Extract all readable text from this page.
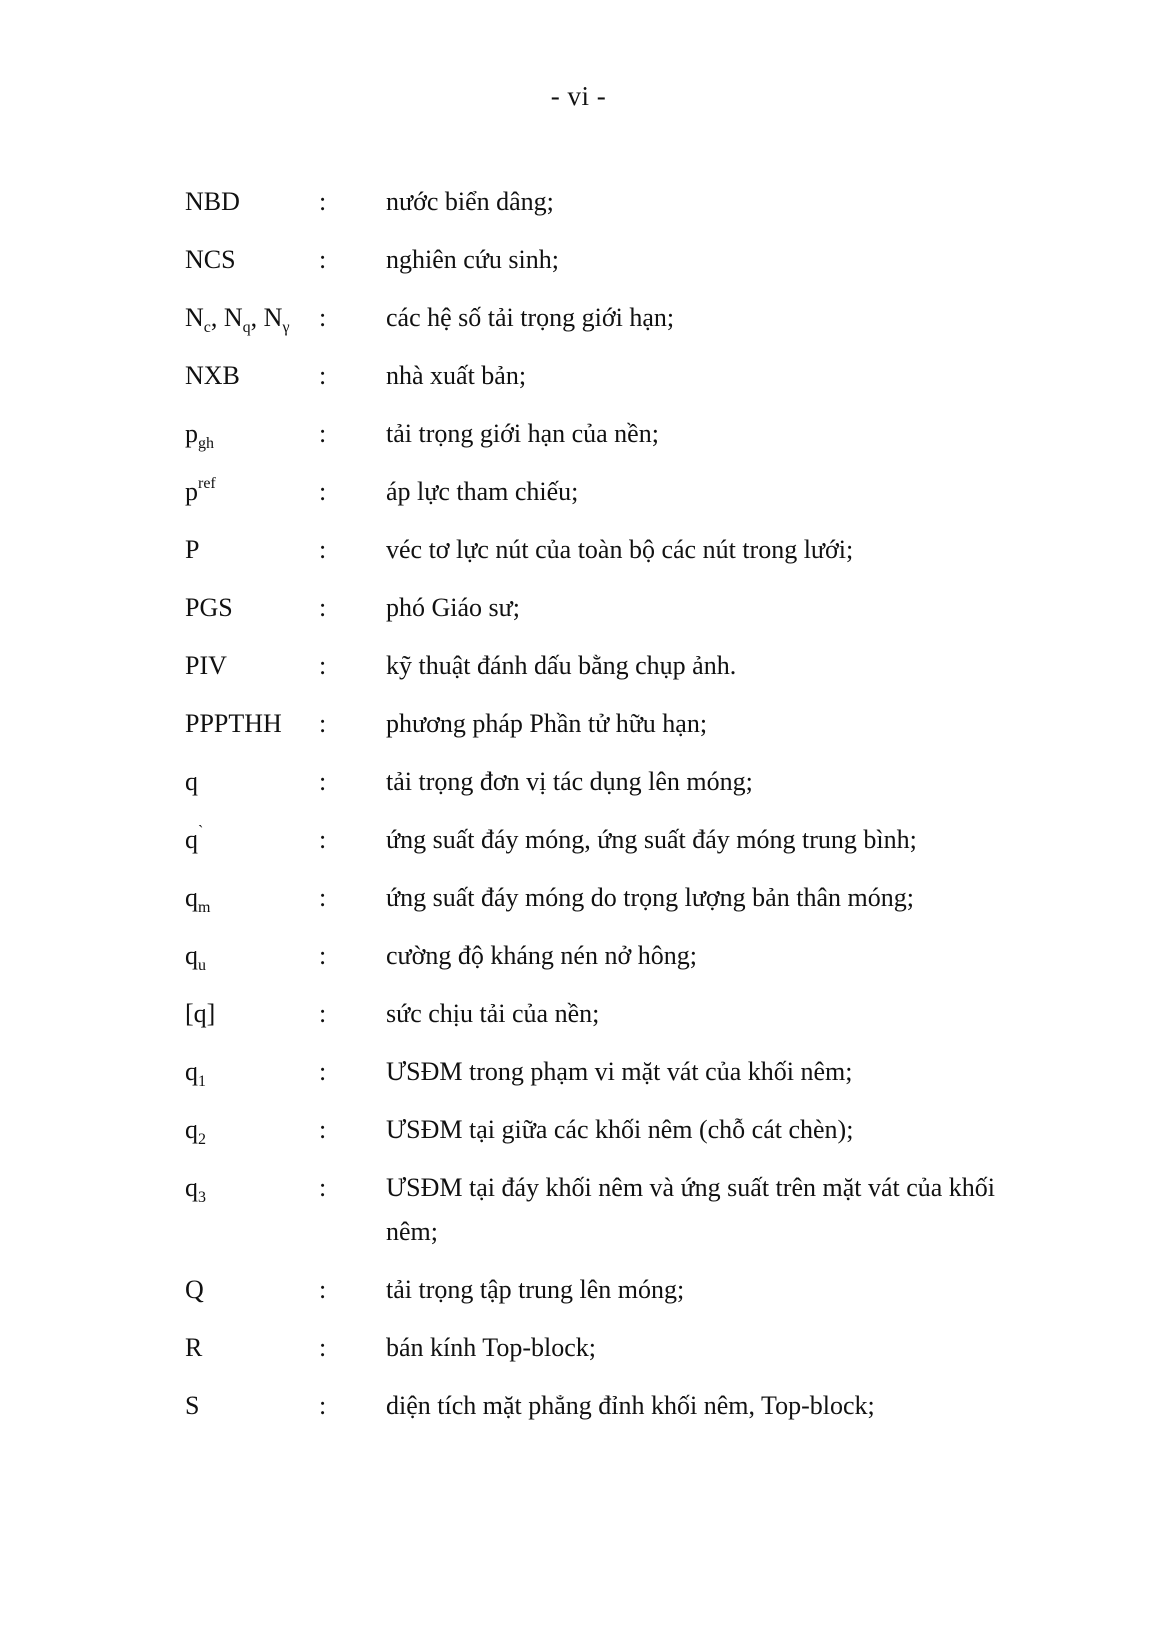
- vi -
NBD	: nước biển dâng;
NCS	: nghiên cứu sinh;
$N_c$, $N_q$, $N_\gamma$	: các hệ số tải trọng giới hạn;
NXB	: nhà xuất bản;
$p_{gh}$	: tải trọng giới hạn của nền;
$p^{ref}$	: áp lực tham chiếu;
P	: véc tơ lực nút của toàn bộ các nút trong lưới;
PGS	: phó Giáo sư;
PIV	: kỹ thuật đánh dấu bằng chụp ảnh.
PPPTHH	: phương pháp Phần tử hữu hạn;
q	: tải trọng đơn vị tác dụng lên móng;
q`	: ứng suất đáy móng, ứng suất đáy móng trung bình;
$q_m$	: ứng suất đáy móng do trọng lượng bản thân móng;
$q_u$	: cường độ kháng nén nở hông;
[q]	: sức chịu tải của nền;
$q_1$	: ƯSĐM trong phạm vi mặt vát của khối nêm;
$q_2$	: ƯSĐM tại giữa các khối nêm (chỗ cát chèn);
$q_3$	: ƯSĐM tại đáy khối nêm và ứng suất trên mặt vát của khối nêm;
Q	: tải trọng tập trung lên móng;
R	: bán kính Top-block;
S	: diện tích mặt phẳng đỉnh khối nêm, Top-block;
